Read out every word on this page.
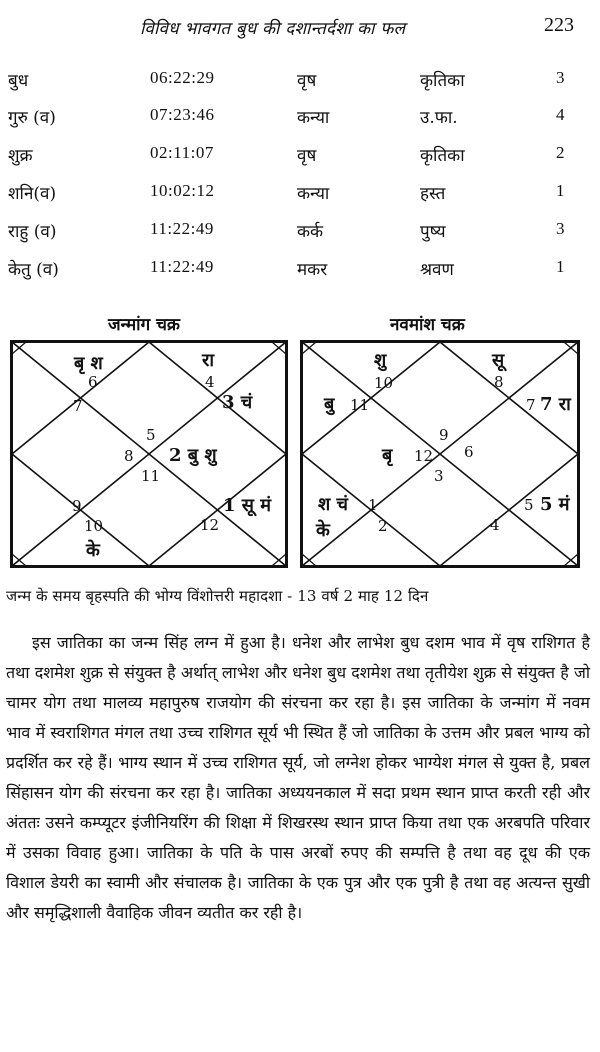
विविध भावगत बुध की दशान्तर्दशा का फल	223
बुध	06:22:29	वृष	कृतिका	3
गुरु (व)	07:23:46	कन्या	उ.फा.	4
शुक्र	02:11:07	वृष	कृतिका	2
शनि(व)	10:02:12	कन्या	हस्त	1
राहु (व)	11:22:49	कर्क	पुष्य	3
केतु (व)	11:22:49	मकर	श्रवण	1
जन्मांग चक्र	नवमांश चक्र
5
4
6
7
8
9
10
11
12
बृ श	रा
3 चं
2 बु शु
1 सू मं
के
9
8
10
11
12
1
2
3
4
5
6
7
शु	सू
बु	7 रा
बृ
श चं
के
5 मं
जन्म के समय बृहस्पति की भोग्य विंशोत्तरी महादशा - 13 वर्ष 2 माह 12 दिन

इस जातिका का जन्म सिंह लग्न में हुआ है। धनेश और लाभेश बुध दशम भाव में वृष राशिगत है तथा दशमेश शुक्र से संयुक्त है अर्थात् लाभेश और धनेश बुध दशमेश तथा तृतीयेश शुक्र से संयुक्त है जो चामर योग तथा मालव्य महापुरुष राजयोग की संरचना कर रहा है। इस जातिका के जन्मांग में नवम भाव में स्वराशिगत मंगल तथा उच्च राशिगत सूर्य भी स्थित हैं जो जातिका के उत्तम और प्रबल भाग्य को प्रदर्शित कर रहे हैं। भाग्य स्थान में उच्च राशिगत सूर्य, जो लग्नेश होकर भाग्येश मंगल से युक्त है, प्रबल सिंहासन योग की संरचना कर रहा है। जातिका अध्ययनकाल में सदा प्रथम स्थान प्राप्त करती रही और अंततः उसने कम्प्यूटर इंजीनियरिंग की शिक्षा में शिखरस्थ स्थान प्राप्त किया तथा एक अरबपति परिवार में उसका विवाह हुआ। जातिका के पति के पास अरबों रुपए की सम्पत्ति है तथा वह दूध की एक विशाल डेयरी का स्वामी और संचालक है। जातिका के एक पुत्र और एक पुत्री है तथा वह अत्यन्त सुखी और समृद्धिशाली वैवाहिक जीवन व्यतीत कर रही है।
